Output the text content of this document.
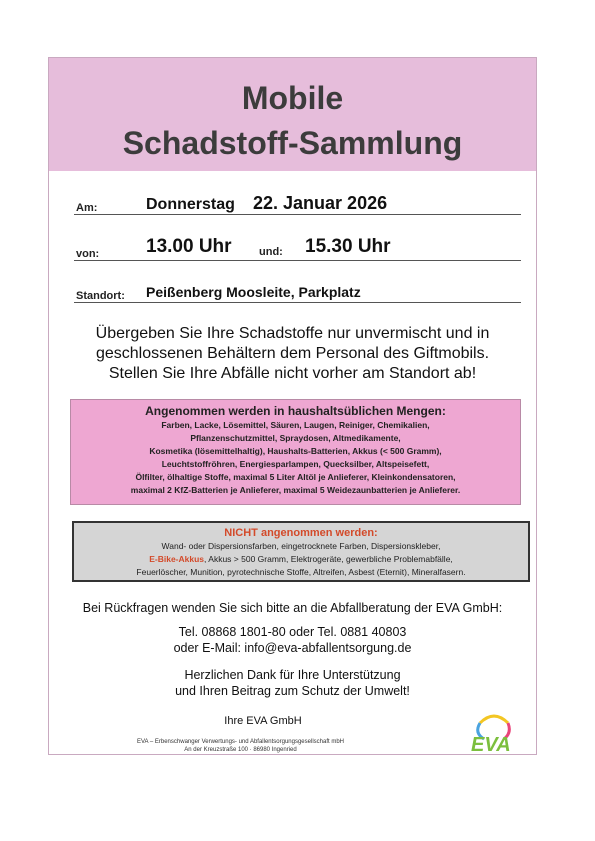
Mobile
Schadstoff-Sammlung
Am:	Donnerstag 22. Januar 2026
von: 13.00 Uhr und: 15.30 Uhr
Standort: Peißenberg Moosleite, Parkplatz
Übergeben Sie Ihre Schadstoffe nur unvermischt und in
geschlossenen Behältern dem Personal des Giftmobils.
Stellen Sie Ihre Abfälle nicht vorher am Standort ab!
Angenommen werden in haushaltsüblichen Mengen:
Farben, Lacke, Lösemittel, Säuren, Laugen, Reiniger, Chemikalien,
Pflanzenschutzmittel, Spraydosen, Altmedikamente,
Kosmetika (lösemittelhaltig), Haushalts-Batterien, Akkus (< 500 Gramm),
Leuchtstoffröhren, Energiesparlampen, Quecksilber, Altspeisefett,
Ölfilter, ölhaltige Stoffe, maximal 5 Liter Altöl je Anlieferer, Kleinkondensatoren,
maximal 2 KfZ-Batterien je Anlieferer, maximal 5 Weidezaunbatterien je Anlieferer.
NICHT angenommen werden:
Wand- oder Dispersionsfarben, eingetrocknete Farben, Dispersionskleber,
E-Bike-Akkus, Akkus > 500 Gramm, Elektrogeräte, gewerbliche Problemabfälle,
Feuerlöscher, Munition, pyrotechnische Stoffe, Altreifen, Asbest (Eternit), Mineralfasern.
Bei Rückfragen wenden Sie sich bitte an die Abfallberatung der EVA GmbH:
Tel. 08868 1801-80 oder Tel. 0881 40803
oder E-Mail: info@eva-abfallentsorgung.de
Herzlichen Dank für Ihre Unterstützung
und Ihren Beitrag zum Schutz der Umwelt!
Ihre EVA GmbH
EVA – Erbenschwanger Verwertungs- und Abfallentsorgungsgesellschaft mbH
An der Kreuzstraße 100 · 86980 Ingenried	EVA
